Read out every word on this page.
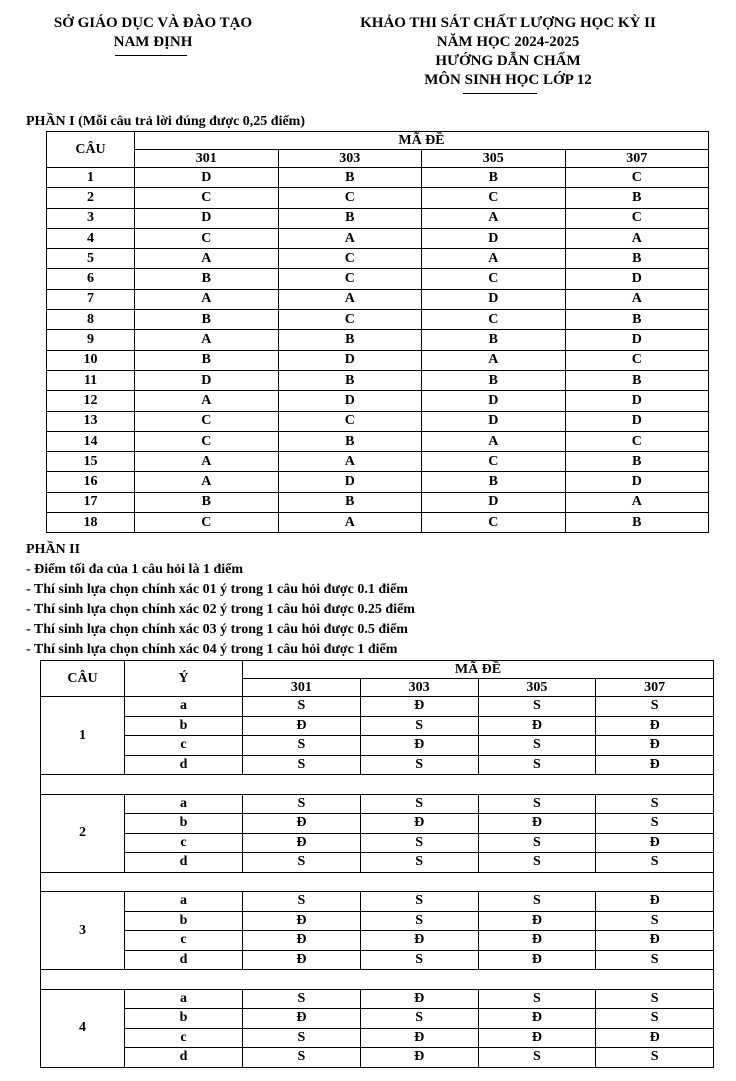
SỞ GIÁO DỤC VÀ ĐÀO TẠO
NAM ĐỊNH
KHẢO THI SÁT CHẤT LƯỢNG HỌC KỲ II
NĂM HỌC 2024-2025
HƯỚNG DẪN CHẤM
MÔN SINH HỌC LỚP 12
PHẦN I (Mỗi câu trả lời đúng được 0,25 điểm)
CÂU	MÃ ĐỀ			
	301	303	305	307
1	D	B	B	C
2	C	C	C	B
3	D	B	A	C
4	C	A	D	A
5	A	C	A	B
6	B	C	C	D
7	A	A	D	A
8	B	C	C	B
9	A	B	B	D
10	B	D	A	C
11	D	B	B	B
12	A	D	D	D
13	C	C	D	D
14	C	B	A	C
15	A	A	C	B
16	A	D	B	D
17	B	B	D	A
18	C	A	C	B
PHẦN II
- Điểm tối đa của 1 câu hỏi là 1 điểm
- Thí sinh lựa chọn chính xác 01 ý trong 1 câu hỏi được 0.1 điểm
- Thí sinh lựa chọn chính xác 02 ý trong 1 câu hỏi được 0.25 điểm
- Thí sinh lựa chọn chính xác 03 ý trong 1 câu hỏi được 0.5 điểm
- Thí sinh lựa chọn chính xác 04 ý trong 1 câu hỏi được 1 điểm
CÂU	Ý	MÃ ĐỀ			
		301	303	305	307
1	a	S	Đ	S	S
	b	Đ	S	Đ	Đ
	c	S	Đ	S	Đ
	d	S	S	S	Đ

2	a	S	S	S	S
	b	Đ	Đ	Đ	S
	c	Đ	S	S	Đ
	d	S	S	S	S

3	a	S	S	S	Đ
	b	Đ	S	Đ	S
	c	Đ	Đ	Đ	Đ
	d	Đ	S	Đ	S

4	a	S	Đ	S	S
	b	Đ	S	Đ	S
	c	S	Đ	Đ	Đ
	d	S	Đ	S	S
